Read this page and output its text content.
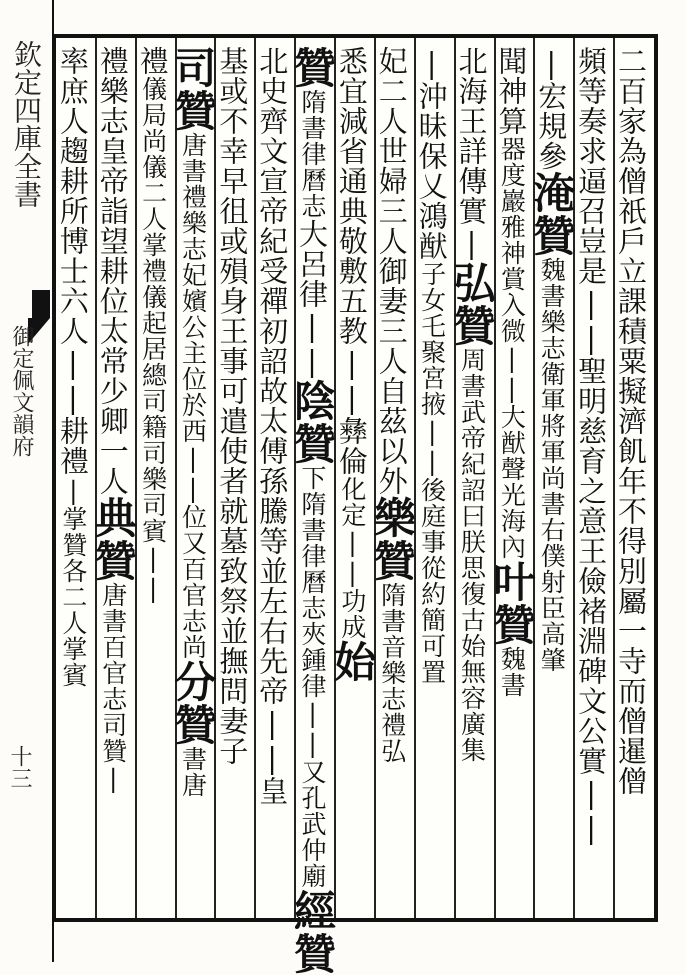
欽定四庫全書
御定佩文韻府
十三	二百家為僧祇戶立課積粟擬濟飢年不得別屬一寺而僧暹僧
頻等奏求逼召豈是||聖明慈育之意王儉褚淵碑文公實||
|宏規參淹贊魏書樂志衛軍將軍尚書右僕射臣高肇
聞神算器度巖雅神賞入微||大猷聲光海內叶贊魏書
北海王詳傳實|弘贊周書武帝紀詔曰朕思復古始無容廣集
|沖昧保乂鴻猷子女乇聚宮掖||後庭事從約簡可置
妃二人世婦三人御妻三人自茲以外樂贊隋書音樂志禮弘
悉宜減省通典敬敷五教||彝倫化定||功成始
贊隋書律曆志大呂律||陰贊下隋書律曆志夾鍾律||又孔武仲廟經贊
北史齊文宣帝紀受禪初詔故太傅孫騰等並左右先帝||皇
基或不幸早徂或殞身王事可遣使者就墓致祭並撫問妻子
司贊唐書禮樂志妃嬪公主位於西||位又百官志尚分贊書唐
禮儀局尚儀二人掌禮儀起居總司籍司樂司賓||
禮樂志皇帝詣望耕位太常少卿一人典贊唐書百官志司贊|
率庶人趨耕所博士六人||耕禮|掌贊各二人掌賓
